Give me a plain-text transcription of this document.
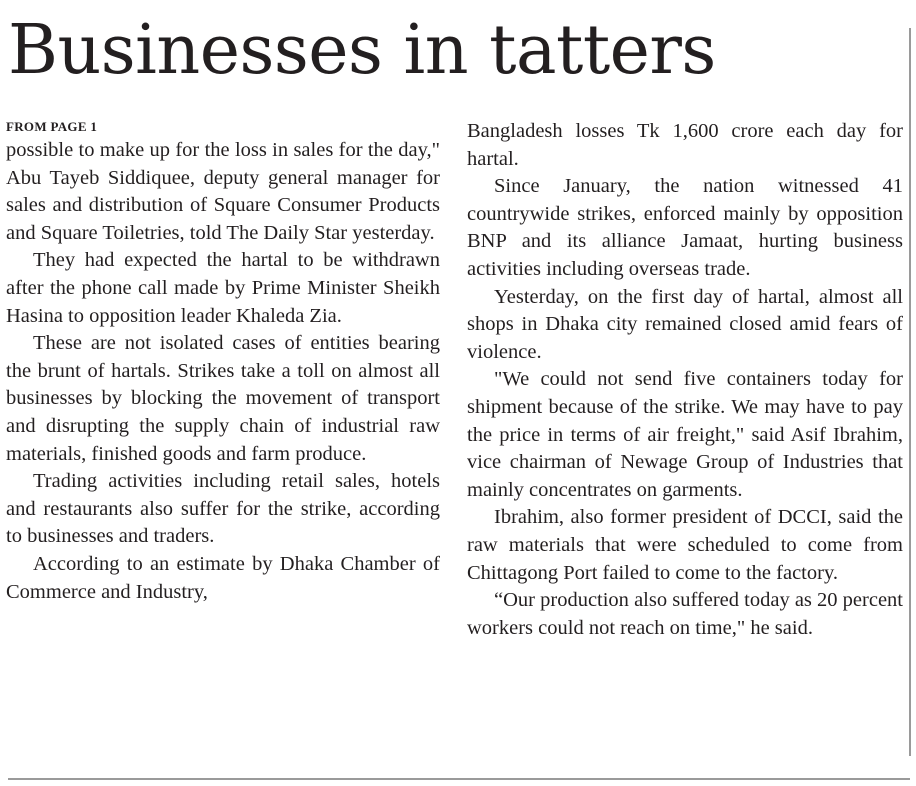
Businesses in tatters
FROM PAGE 1

possible to make up for the loss in sales for the day," Abu Tayeb Siddiquee, deputy general manager for sales and distribution of Square Consumer Products and Square Toiletries, told The Daily Star yesterday.

They had expected the hartal to be withdrawn after the phone call made by Prime Minister Sheikh Hasina to opposition leader Khaleda Zia.

These are not isolated cases of entities bearing the brunt of hartals. Strikes take a toll on almost all businesses by blocking the movement of transport and disrupting the supply chain of industrial raw materials, finished goods and farm produce.

Trading activities including retail sales, hotels and restaurants also suffer for the strike, according to businesses and traders.

According to an estimate by Dhaka Chamber of Commerce and Industry,

Bangladesh losses Tk 1,600 crore each day for hartal.

Since January, the nation witnessed 41 countrywide strikes, enforced mainly by opposition BNP and its alliance Jamaat, hurting business activities including overseas trade.

Yesterday, on the first day of hartal, almost all shops in Dhaka city remained closed amid fears of violence.

"We could not send five containers today for shipment because of the strike. We may have to pay the price in terms of air freight," said Asif Ibrahim, vice chairman of Newage Group of Industries that mainly concentrates on garments.

Ibrahim, also former president of DCCI, said the raw materials that were scheduled to come from Chittagong Port failed to come to the factory.

“Our production also suffered today as 20 percent workers could not reach on time," he said.
